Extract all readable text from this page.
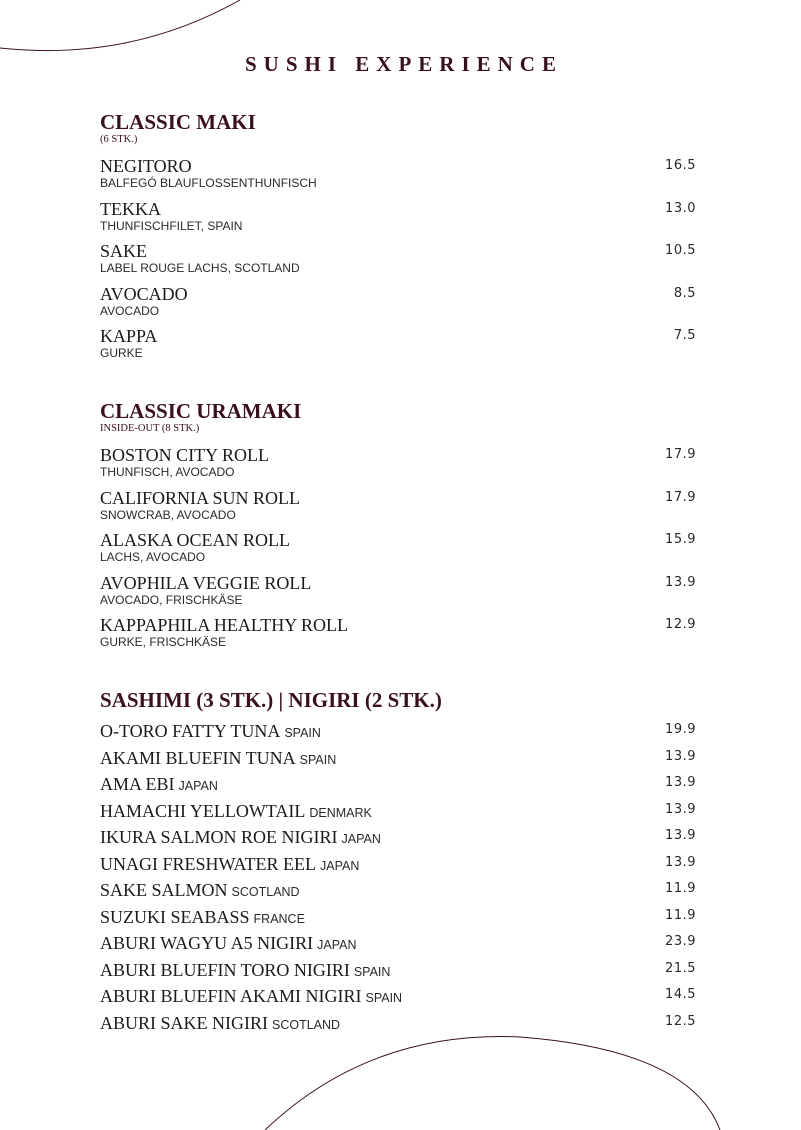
SUSHI EXPERIENCE
CLASSIC MAKI
(6 STK.)
NEGITORO
BALFEGÓ BLAUFLOSSENTHUNFISCH
16.5
TEKKA
THUNFISCHFILET, SPAIN
13.0
SAKE
LABEL ROUGE LACHS, SCOTLAND
10.5
AVOCADO
AVOCADO
8.5
KAPPA
GURKE
7.5
CLASSIC URAMAKI
INSIDE-OUT (8 STK.)
BOSTON CITY ROLL
THUNFISCH, AVOCADO
17.9
CALIFORNIA SUN ROLL
SNOWCRAB, AVOCADO
17.9
ALASKA OCEAN ROLL
LACHS, AVOCADO
15.9
AVOPHILA VEGGIE ROLL
AVOCADO, FRISCHKÄSE
13.9
KAPPAPHILA HEALTHY ROLL
GURKE, FRISCHKÄSE
12.9
SASHIMI (3 STK.) | NIGIRI (2 STK.)
O-TORO FATTY TUNA SPAIN	19.9
AKAMI BLUEFIN TUNA SPAIN	13.9
AMA EBI JAPAN	13.9
HAMACHI YELLOWTAIL DENMARK	13.9
IKURA SALMON ROE NIGIRI JAPAN	13.9
UNAGI FRESHWATER EEL JAPAN	13.9
SAKE SALMON SCOTLAND	11.9
SUZUKI SEABASS FRANCE	11.9
ABURI WAGYU A5 NIGIRI JAPAN	23.9
ABURI BLUEFIN TORO NIGIRI SPAIN	21.5
ABURI BLUEFIN AKAMI NIGIRI SPAIN	14.5
ABURI SAKE NIGIRI SCOTLAND	12.5
